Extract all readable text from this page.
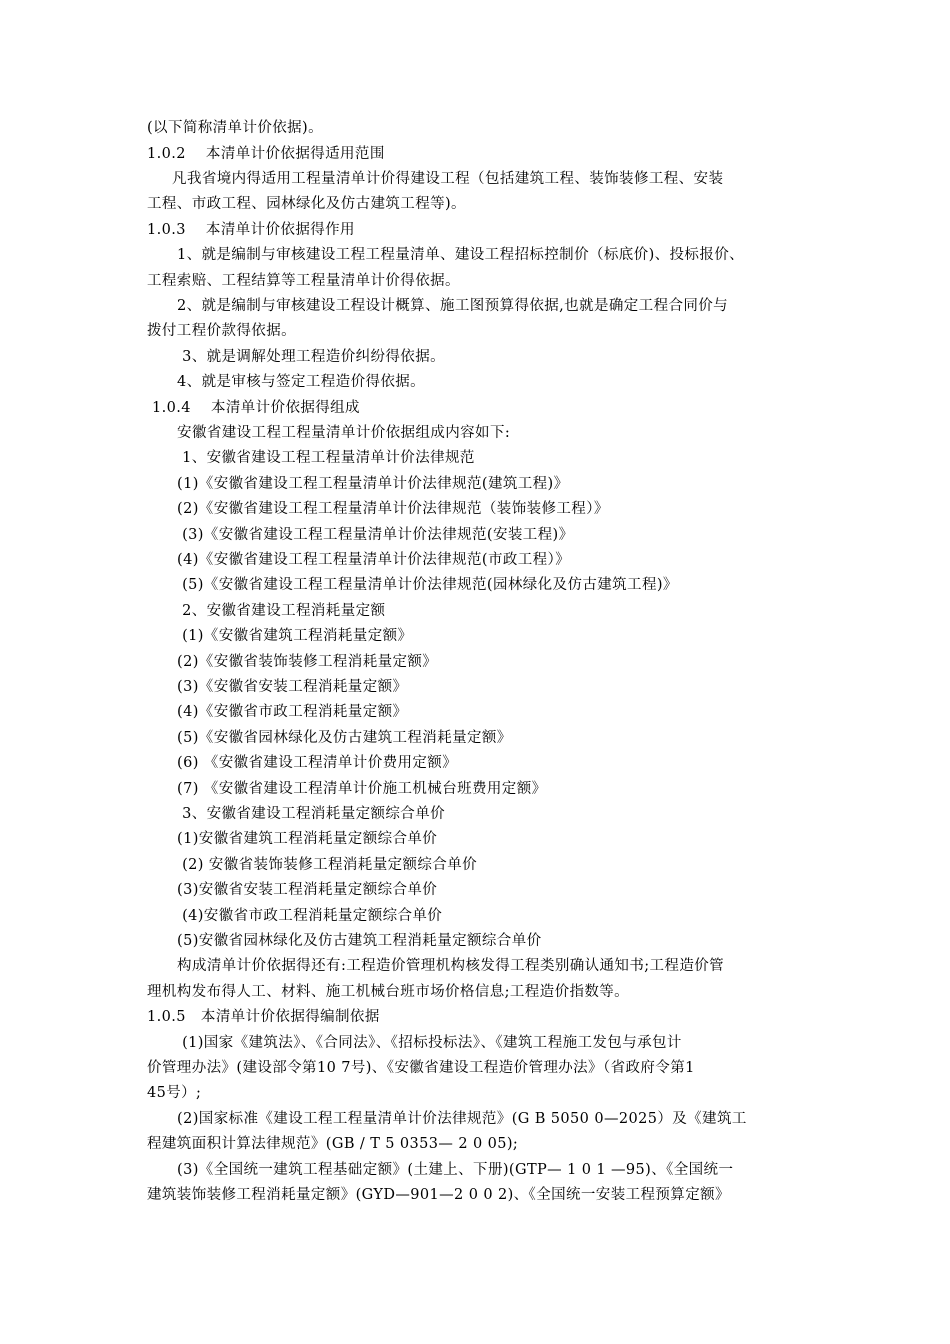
(以下简称清单计价依据)。
1.0.2    本清单计价依据得适用范围
凡我省境内得适用工程量清单计价得建设工程（包括建筑工程、装饰装修工程、安装
工程、市政工程、园林绿化及仿古建筑工程等)。
1.0.3    本清单计价依据得作用
1、就是编制与审核建设工程工程量清单、建设工程招标控制价（标底价)、投标报价、
工程索赔、工程结算等工程量清单计价得依据。
2、就是编制与审核建设工程设计概算、施工图预算得依据,也就是确定工程合同价与
拨付工程价款得依据。
3、就是调解处理工程造价纠纷得依据。
4、就是审核与签定工程造价得依据。
1.0.4    本清单计价依据得组成
安徽省建设工程工程量清单计价依据组成内容如下:
1、安徽省建设工程工程量清单计价法律规范
(1)《安徽省建设工程工程量清单计价法律规范(建筑工程)》
(2)《安徽省建设工程工程量清单计价法律规范（装饰装修工程）》
(3)《安徽省建设工程工程量清单计价法律规范(安装工程)》
(4)《安徽省建设工程工程量清单计价法律规范(市政工程）》
(5)《安徽省建设工程工程量清单计价法律规范(园林绿化及仿古建筑工程)》
2、安徽省建设工程消耗量定额
(1)《安徽省建筑工程消耗量定额》
(2)《安徽省装饰装修工程消耗量定额》
(3)《安徽省安装工程消耗量定额》
(4)《安徽省市政工程消耗量定额》
(5)《安徽省园林绿化及仿古建筑工程消耗量定额》
(6) 《安徽省建设工程清单计价费用定额》
(7) 《安徽省建设工程清单计价施工机械台班费用定额》
3、安徽省建设工程消耗量定额综合单价
(1)安徽省建筑工程消耗量定额综合单价
(2) 安徽省装饰装修工程消耗量定额综合单价
(3)安徽省安装工程消耗量定额综合单价
(4)安徽省市政工程消耗量定额综合单价
(5)安徽省园林绿化及仿古建筑工程消耗量定额综合单价
构成清单计价依据得还有:工程造价管理机构核发得工程类别确认通知书;工程造价管
理机构发布得人工、材料、施工机械台班市场价格信息;工程造价指数等。
1.0.5   本清单计价依据得编制依据
(1)国家《建筑法》、《合同法》、《招标投标法》、《建筑工程施工发包与承包计
价管理办法》(建设部令第10 7号)、《安徽省建设工程造价管理办法》（省政府令第1
45号）;
(2)国家标准《建设工程工程量清单计价法律规范》(G B 5050 0—2025）及《建筑工
程建筑面积计算法律规范》(GB / T 5 0353— 2 0 05);
(3)《全国统一建筑工程基础定额》(土建上、下册)(GTP— 1 0 1 —95)、《全国统一
建筑装饰装修工程消耗量定额》(GYD—901—2 0 0 2)、《全国统一安装工程预算定额》
